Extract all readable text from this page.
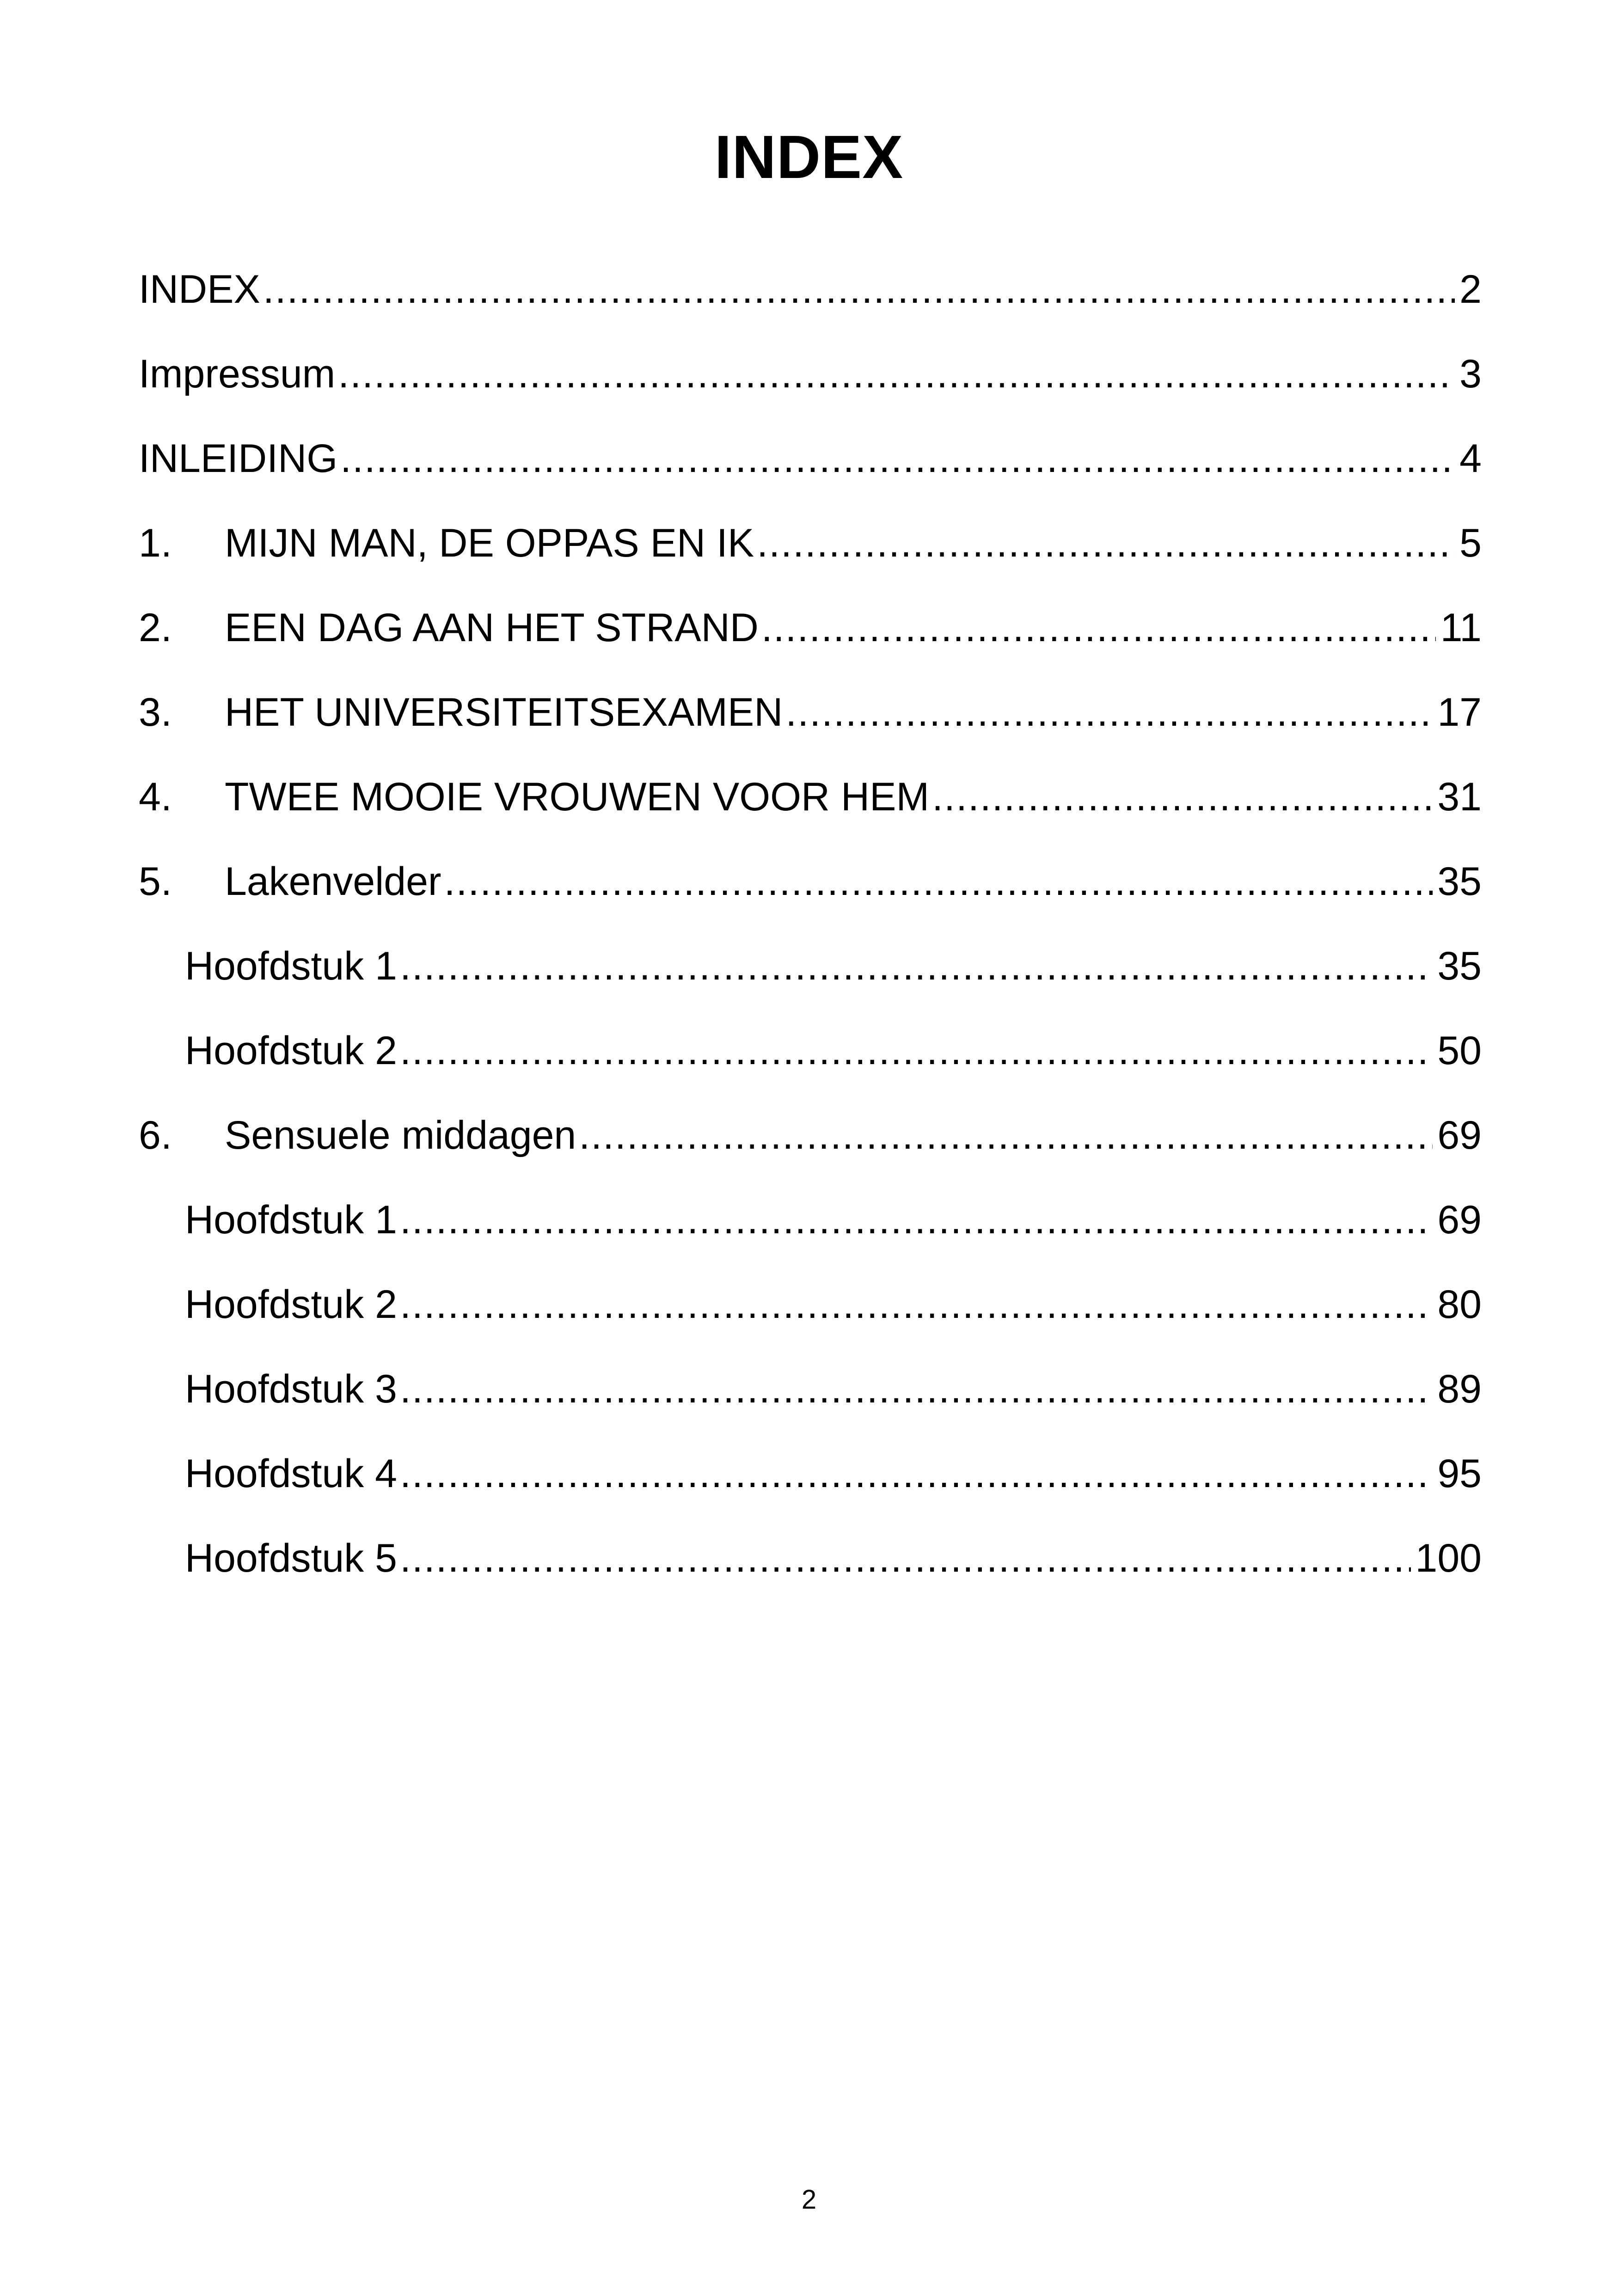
INDEX
INDEX .....	2
Impressum .....	3
INLEIDING .....	4
1.	MIJN MAN, DE OPPAS EN IK .....	5
2.	EEN DAG AAN HET STRAND .....	11
3.	HET UNIVERSITEITSEXAMEN .....	17
4.	TWEE MOOIE VROUWEN VOOR HEM .....	31
5.	Lakenvelder .....	35
Hoofdstuk 1 .....	35
Hoofdstuk 2 .....	50
6.	Sensuele middagen .....	69
Hoofdstuk 1 .....	69
Hoofdstuk 2 .....	80
Hoofdstuk 3 .....	89
Hoofdstuk 4 .....	95
Hoofdstuk 5 .....	100
2
